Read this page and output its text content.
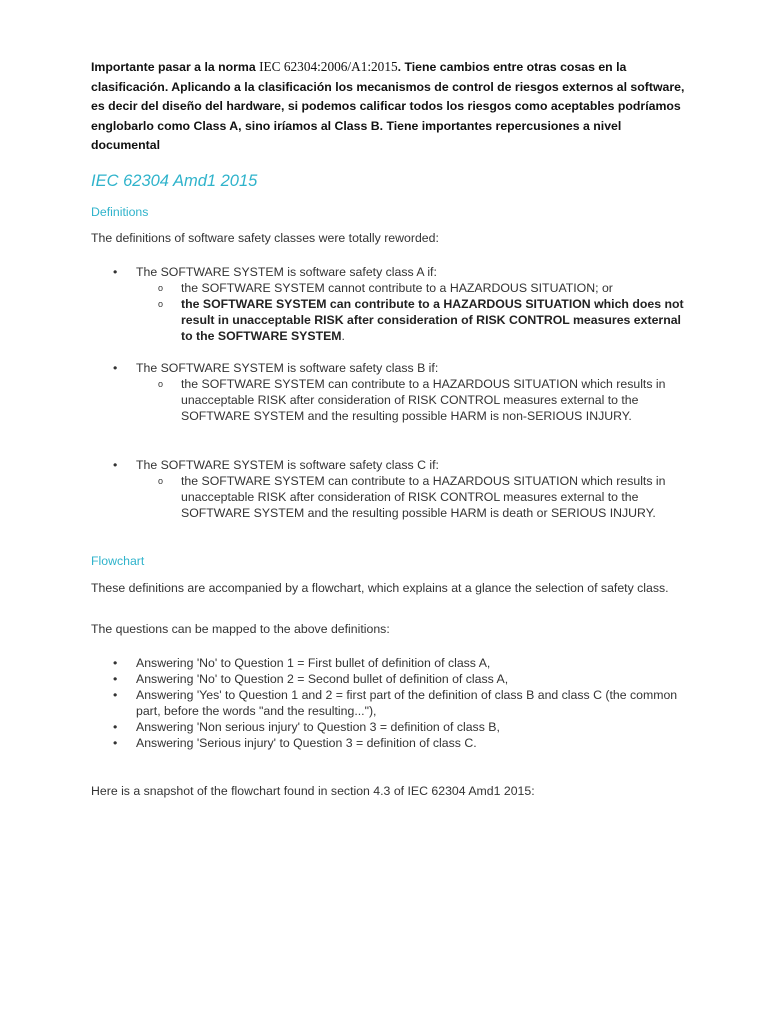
Importante pasar a la norma IEC 62304:2006/A1:2015. Tiene cambios entre otras cosas en la clasificación. Aplicando a la clasificación los mecanismos de control de riesgos externos al software, es decir del diseño del hardware, si podemos calificar todos los riesgos como aceptables podríamos englobarlo como Class A, sino iríamos al Class B. Tiene importantes repercusiones a nivel documental

IEC 62304 Amd1 2015
Definitions

The definitions of software safety classes were totally reworded:

• The SOFTWARE SYSTEM is software safety class A if:
o the SOFTWARE SYSTEM cannot contribute to a HAZARDOUS SITUATION; or
o the SOFTWARE SYSTEM can contribute to a HAZARDOUS SITUATION which does not result in unacceptable RISK after consideration of RISK CONTROL measures external to the SOFTWARE SYSTEM.
• The SOFTWARE SYSTEM is software safety class B if:
o the SOFTWARE SYSTEM can contribute to a HAZARDOUS SITUATION which results in unacceptable RISK after consideration of RISK CONTROL measures external to the SOFTWARE SYSTEM and the resulting possible HARM is non-SERIOUS INJURY.
• The SOFTWARE SYSTEM is software safety class C if:
o the SOFTWARE SYSTEM can contribute to a HAZARDOUS SITUATION which results in unacceptable RISK after consideration of RISK CONTROL measures external to the SOFTWARE SYSTEM and the resulting possible HARM is death or SERIOUS INJURY.
Flowchart

These definitions are accompanied by a flowchart, which explains at a glance the selection of safety class.

The questions can be mapped to the above definitions:

• Answering 'No' to Question 1 = First bullet of definition of class A,
• Answering 'No' to Question 2 = Second bullet of definition of class A,
• Answering 'Yes' to Question 1 and 2 = first part of the definition of class B and class C (the common part, before the words "and the resulting..."),
• Answering 'Non serious injury' to Question 3 = definition of class B,
• Answering 'Serious injury' to Question 3 = definition of class C.

Here is a snapshot of the flowchart found in section 4.3 of IEC 62304 Amd1 2015:
